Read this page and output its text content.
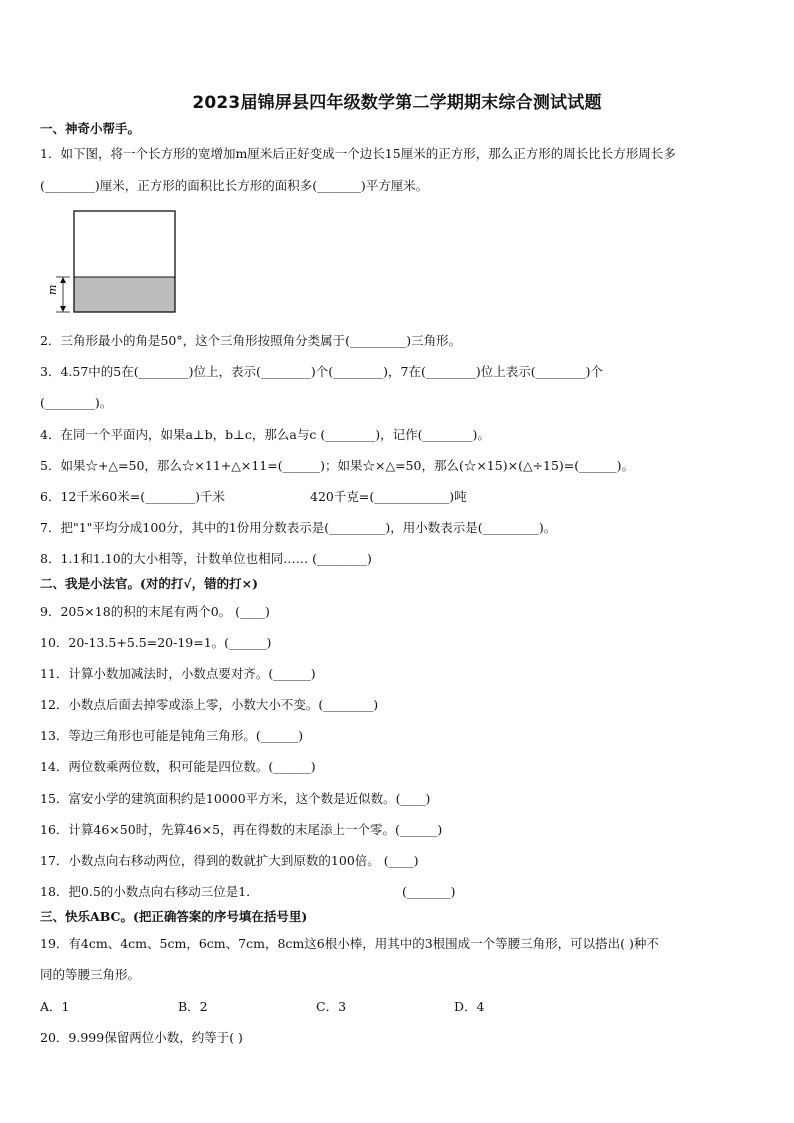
2023届锦屏县四年级数学第二学期期末综合测试试题
一、神奇小帮手。
1．如下图，将一个长方形的宽增加m厘米后正好变成一个边长15厘米的正方形，那么正方形的周长比长方形周长多
(________)厘米，正方形的面积比长方形的面积多(_______)平方厘米。
m
2．三角形最小的角是50°，这个三角形按照角分类属于(_________)三角形。
3．4.57中的5在(________)位上，表示(________)个(________)，7在(________)位上表示(________)个
(________)。
4．在同一个平面内，如果a⊥b，b⊥c，那么a与c (________)，记作(________)。
5．如果☆+△=50，那么☆×11+△×11=(______)；如果☆×△=50，那么(☆×15)×(△÷15)=(______)。
6．12千米60米=(________)千米	420千克=(____________)吨
7．把"1"平均分成100分，其中的1份用分数表示是(_________)，用小数表示是(_________)。
8．1.1和1.10的大小相等，计数单位也相同…… (________)
二、我是小法官。(对的打√，错的打×)
9．205×18的积的末尾有两个0。 (____)
10．20-13.5+5.5=20-19=1。(______)
11．计算小数加减法时，小数点要对齐。(______)
12．小数点后面去掉零或添上零，小数大小不变。(________)
13．等边三角形也可能是钝角三角形。(______)
14．两位数乘两位数，积可能是四位数。(______)
15．富安小学的建筑面积约是10000平方米，这个数是近似数。(____)
16．计算46×50时，先算46×5，再在得数的末尾添上一个零。(______)
17．小数点向右移动两位，得到的数就扩大到原数的100倍。 (____)
18．把0.5的小数点向右移动三位是1．	(_______)
三、快乐ABC。(把正确答案的序号填在括号里)
19．有4cm、4cm、5cm，6cm、7cm，8cm这6根小棒，用其中的3根围成一个等腰三角形，可以搭出( )种不
同的等腰三角形。
A．1	B．2	C．3	D．4
20．9.999保留两位小数，约等于( )
